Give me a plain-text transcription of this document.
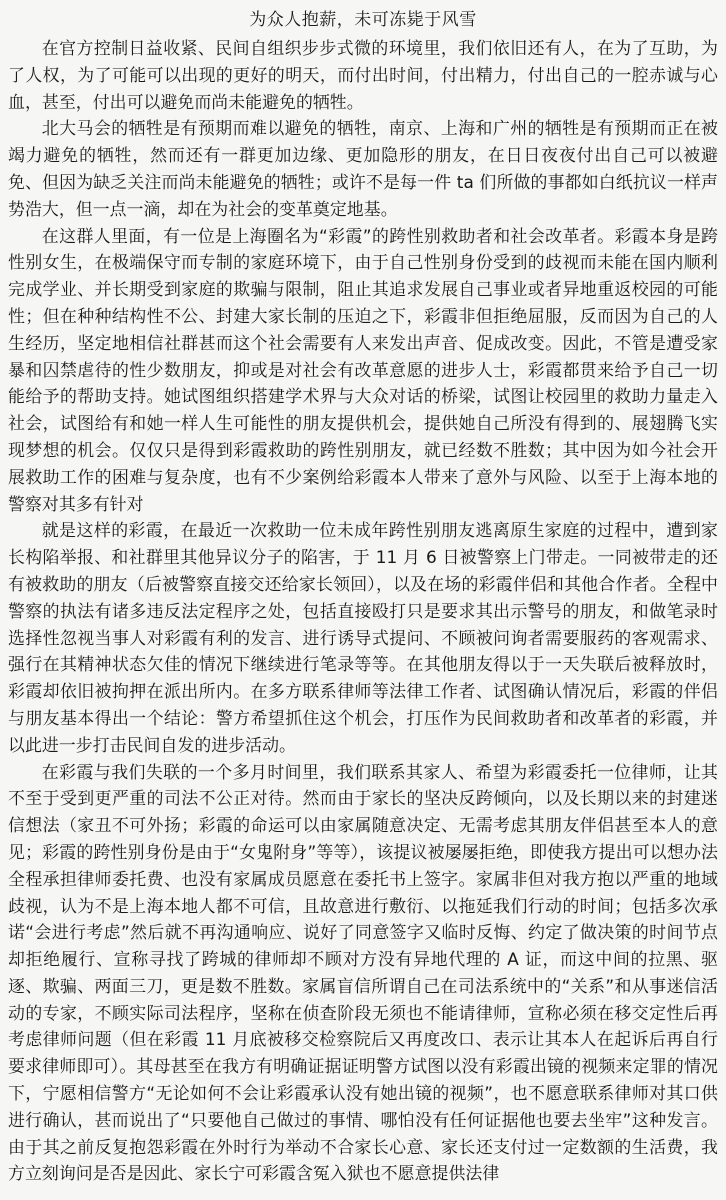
为众人抱薪，未可冻毙于风雪

在官方控制日益收紧、民间自组织步步式微的环境里，我们依旧还有人，在为了互助，为了人权，为了可能可以出现的更好的明天，而付出时间，付出精力，付出自己的一腔赤诚与心血，甚至，付出可以避免而尚未能避免的牺牲。

北大马会的牺牲是有预期而难以避免的牺牲，南京、上海和广州的牺牲是有预期而正在被竭力避免的牺牲，然而还有一群更加边缘、更加隐形的朋友，在日日夜夜付出自己可以被避免、但因为缺乏关注而尚未能避免的牺牲；或许不是每一件 ta 们所做的事都如白纸抗议一样声势浩大，但一点一滴，却在为社会的变革奠定地基。

在这群人里面，有一位是上海圈名为“彩霞”的跨性别救助者和社会改革者。彩霞本身是跨性别女生，在极端保守而专制的家庭环境下，由于自己性别身份受到的歧视而未能在国内顺利完成学业、并长期受到家庭的欺骗与限制，阻止其追求发展自己事业或者异地重返校园的可能性；但在种种结构性不公、封建大家长制的压迫之下，彩霞非但拒绝屈服，反而因为自己的人生经历，坚定地相信社群甚而这个社会需要有人来发出声音、促成改变。因此，不管是遭受家暴和囚禁虐待的性少数朋友，抑或是对社会有改革意愿的进步人士，彩霞都贯来给予自己一切能给予的帮助支持。她试图组织搭建学术界与大众对话的桥梁，试图让校园里的救助力量走入社会，试图给有和她一样人生可能性的朋友提供机会，提供她自己所没有得到的、展翅腾飞实现梦想的机会。仅仅只是得到彩霞救助的跨性别朋友，就已经数不胜数；其中因为如今社会开展救助工作的困难与复杂度，也有不少案例给彩霞本人带来了意外与风险、以至于上海本地的警察对其多有针对

就是这样的彩霞，在最近一次救助一位未成年跨性别朋友逃离原生家庭的过程中，遭到家长构陷举报、和社群里其他异议分子的陷害，于 11 月 6 日被警察上门带走。一同被带走的还有被救助的朋友（后被警察直接交还给家长领回），以及在场的彩霞伴侣和其他合作者。全程中警察的执法有诸多违反法定程序之处，包括直接殴打只是要求其出示警号的朋友，和做笔录时选择性忽视当事人对彩霞有利的发言、进行诱导式提问、不顾被问询者需要服药的客观需求、强行在其精神状态欠佳的情况下继续进行笔录等等。在其他朋友得以于一天失联后被释放时，彩霞却依旧被拘押在派出所内。在多方联系律师等法律工作者、试图确认情况后，彩霞的伴侣与朋友基本得出一个结论：警方希望抓住这个机会，打压作为民间救助者和改革者的彩霞，并以此进一步打击民间自发的进步活动。

在彩霞与我们失联的一个多月时间里，我们联系其家人、希望为彩霞委托一位律师，让其不至于受到更严重的司法不公正对待。然而由于家长的坚决反跨倾向，以及长期以来的封建迷信想法（家丑不可外扬；彩霞的命运可以由家属随意决定、无需考虑其朋友伴侣甚至本人的意见；彩霞的跨性别身份是由于“女鬼附身”等等），该提议被屡屡拒绝，即使我方提出可以想办法全程承担律师委托费、也没有家属成员愿意在委托书上签字。家属非但对我方抱以严重的地域歧视，认为不是上海本地人都不可信，且故意进行敷衍、以拖延我们行动的时间；包括多次承诺“会进行考虑”然后就不再沟通响应、说好了同意签字又临时反悔、约定了做决策的时间节点却拒绝履行、宣称寻找了跨城的律师却不顾对方没有异地代理的 A 证，而这中间的拉黑、驱逐、欺骗、两面三刀，更是数不胜数。家属盲信所谓自己在司法系统中的“关系”和从事迷信活动的专家，不顾实际司法程序，坚称在侦查阶段无须也不能请律师，宣称必须在移交定性后再考虑律师问题（但在彩霞 11 月底被移交检察院后又再度改口、表示让其本人在起诉后再自行要求律师即可）。其母甚至在我方有明确证据证明警方试图以没有彩霞出镜的视频来定罪的情况下，宁愿相信警方“无论如何不会让彩霞承认没有她出镜的视频”，也不愿意联系律师对其口供进行确认，甚而说出了“只要他自己做过的事情、哪怕没有任何证据他也要去坐牢”这种发言。由于其之前反复抱怨彩霞在外时行为举动不合家长心意、家长还支付过一定数额的生活费，我方立刻询问是否是因此、家长宁可彩霞含冤入狱也不愿意提供法律
